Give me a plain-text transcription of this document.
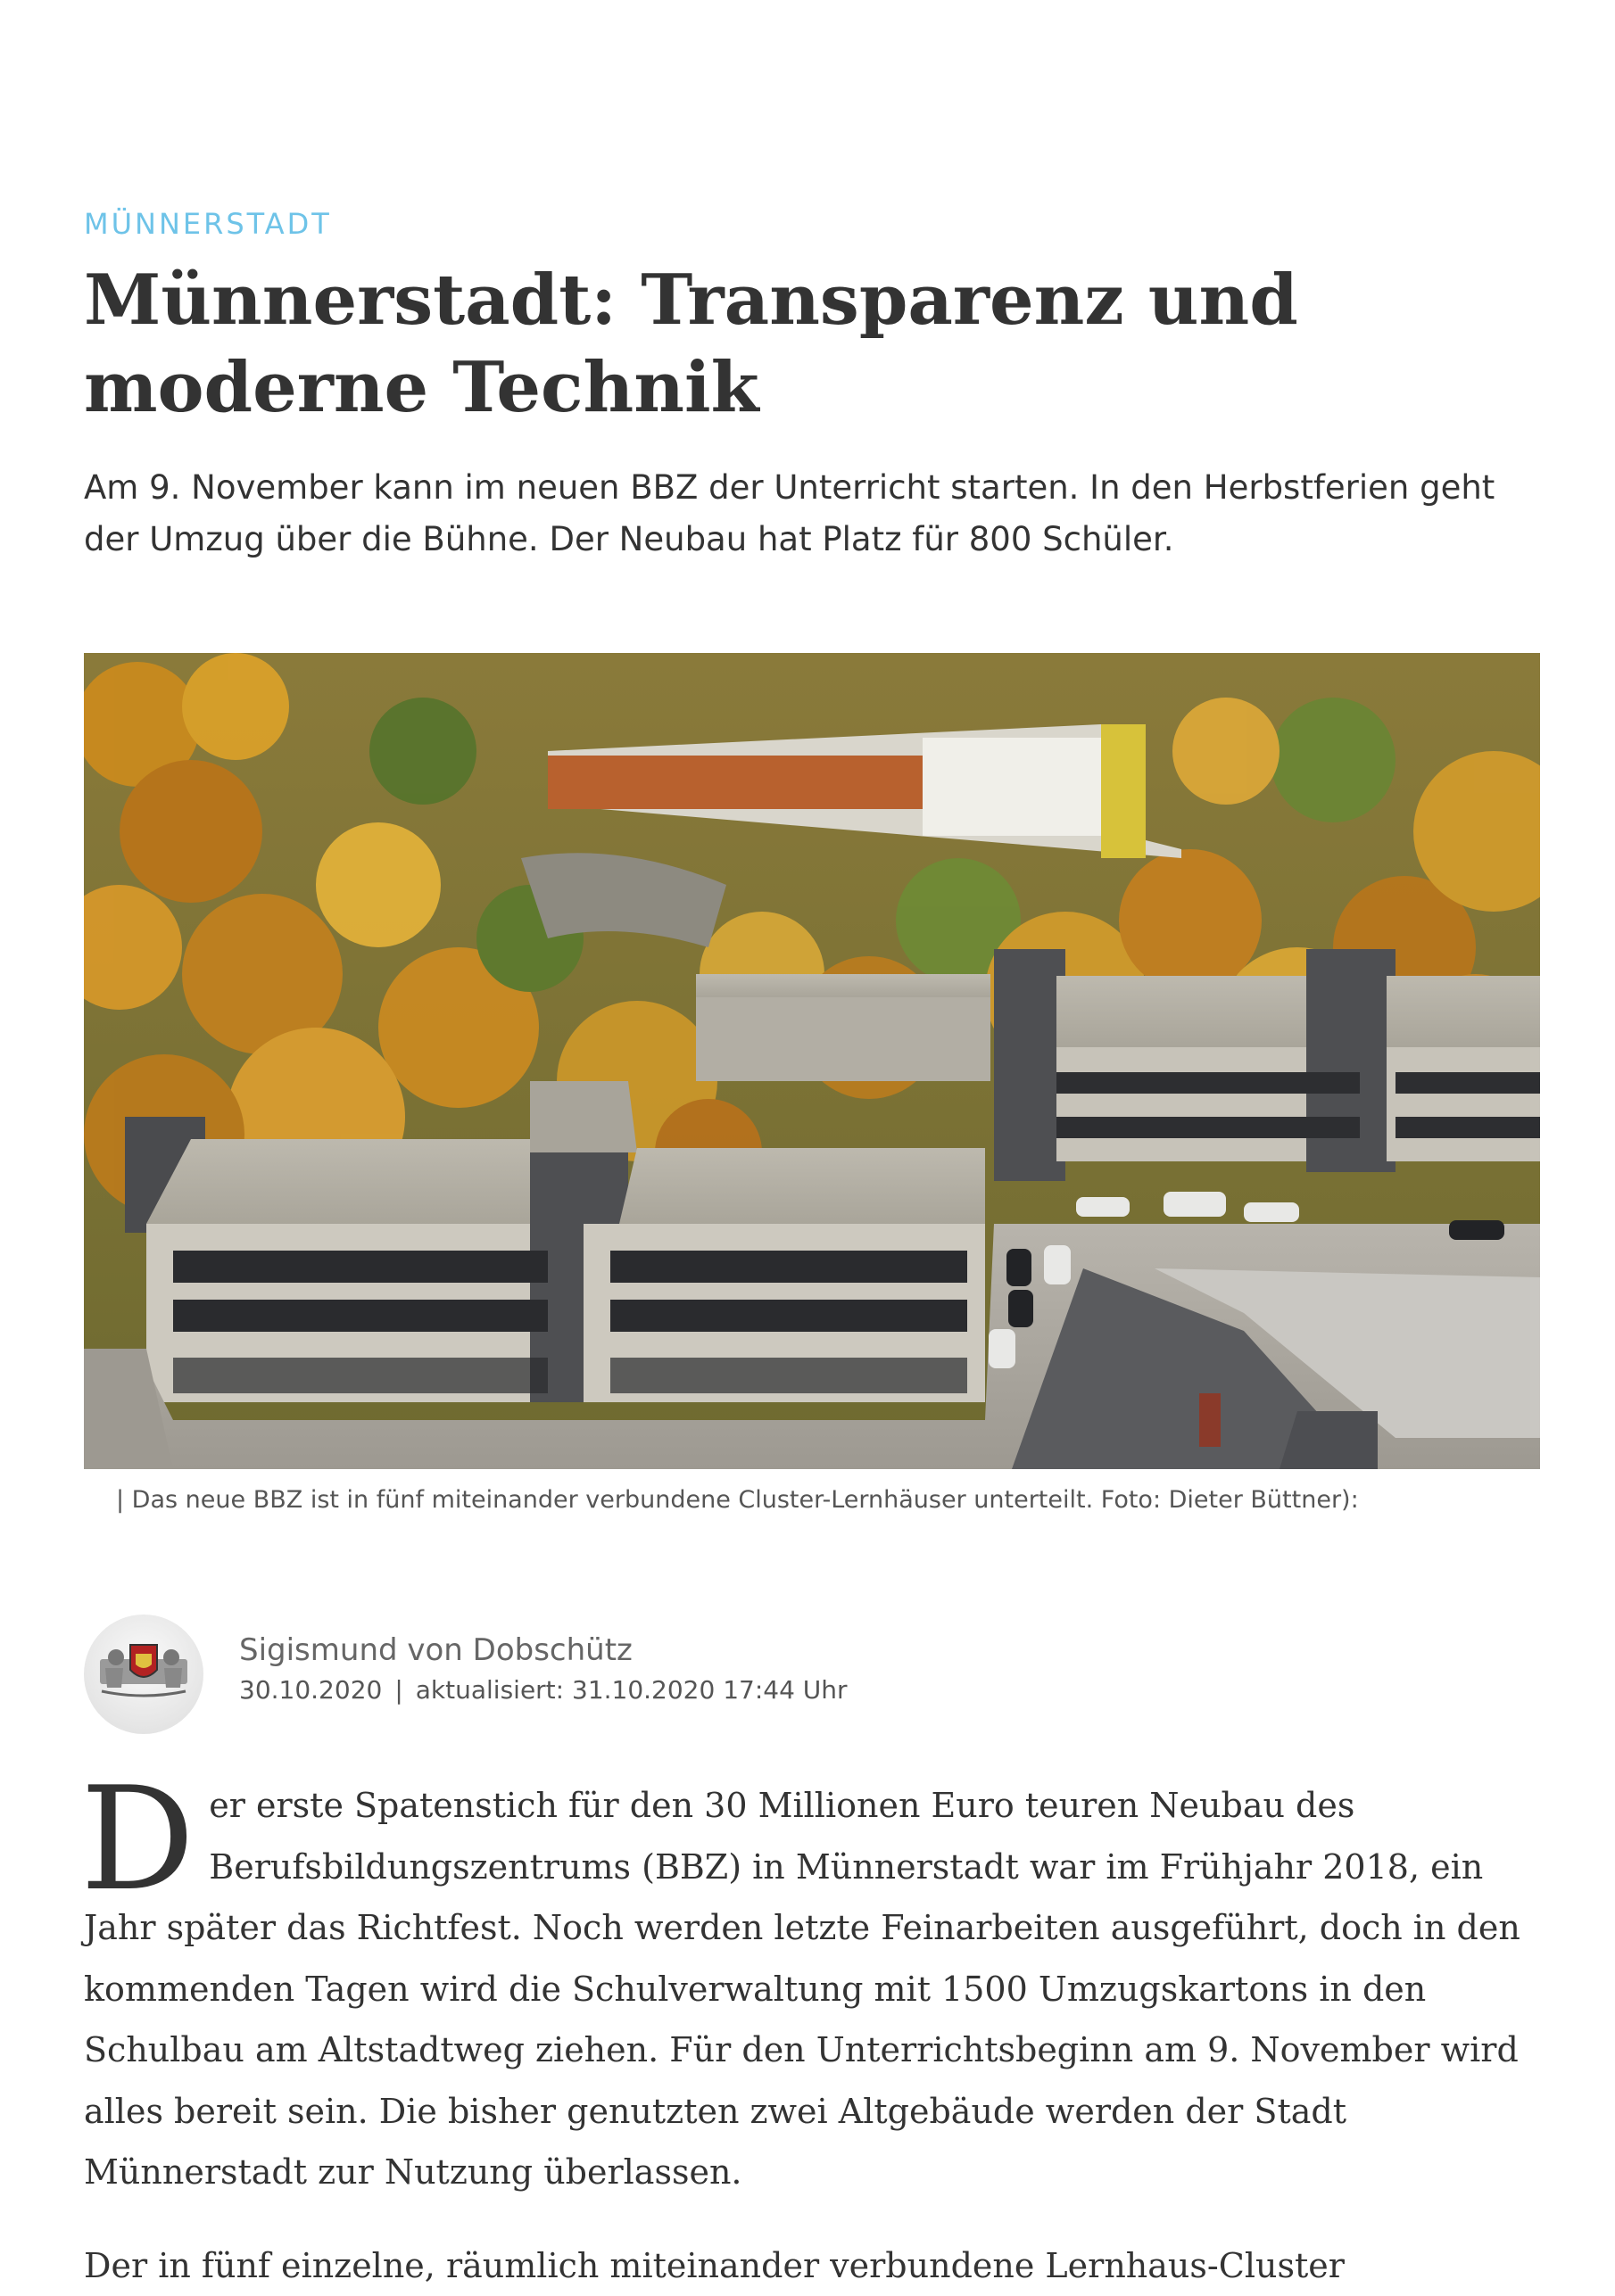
MÜNNERSTADT
Münnerstadt: Transparenz und moderne Technik

Am 9. November kann im neuen BBZ der Unterricht starten. In den Herbstferien geht der Umzug über die Bühne. Der Neubau hat Platz für 800 Schüler.

| Das neue BBZ ist in fünf miteinander verbundene Cluster-Lernhäuser unterteilt. Foto: Dieter Büttner):
Sigismund von Dobschütz
30.10.2020 | aktualisiert: 31.10.2020 17:44 Uhr

Der erste Spatenstich für den 30 Millionen Euro teuren Neubau des Berufsbildungszentrums (BBZ) in Münnerstadt war im Frühjahr 2018, ein Jahr später das Richtfest. Noch werden letzte Feinarbeiten ausgeführt, doch in den kommenden Tagen wird die Schulverwaltung mit 1500 Umzugskartons in den Schulbau am Altstadtweg ziehen. Für den Unterrichtsbeginn am 9. November wird alles bereit sein. Die bisher genutzten zwei Altgebäude werden der Stadt Münnerstadt zur Nutzung überlassen.

Der in fünf einzelne, räumlich miteinander verbundene Lernhaus-Cluster
